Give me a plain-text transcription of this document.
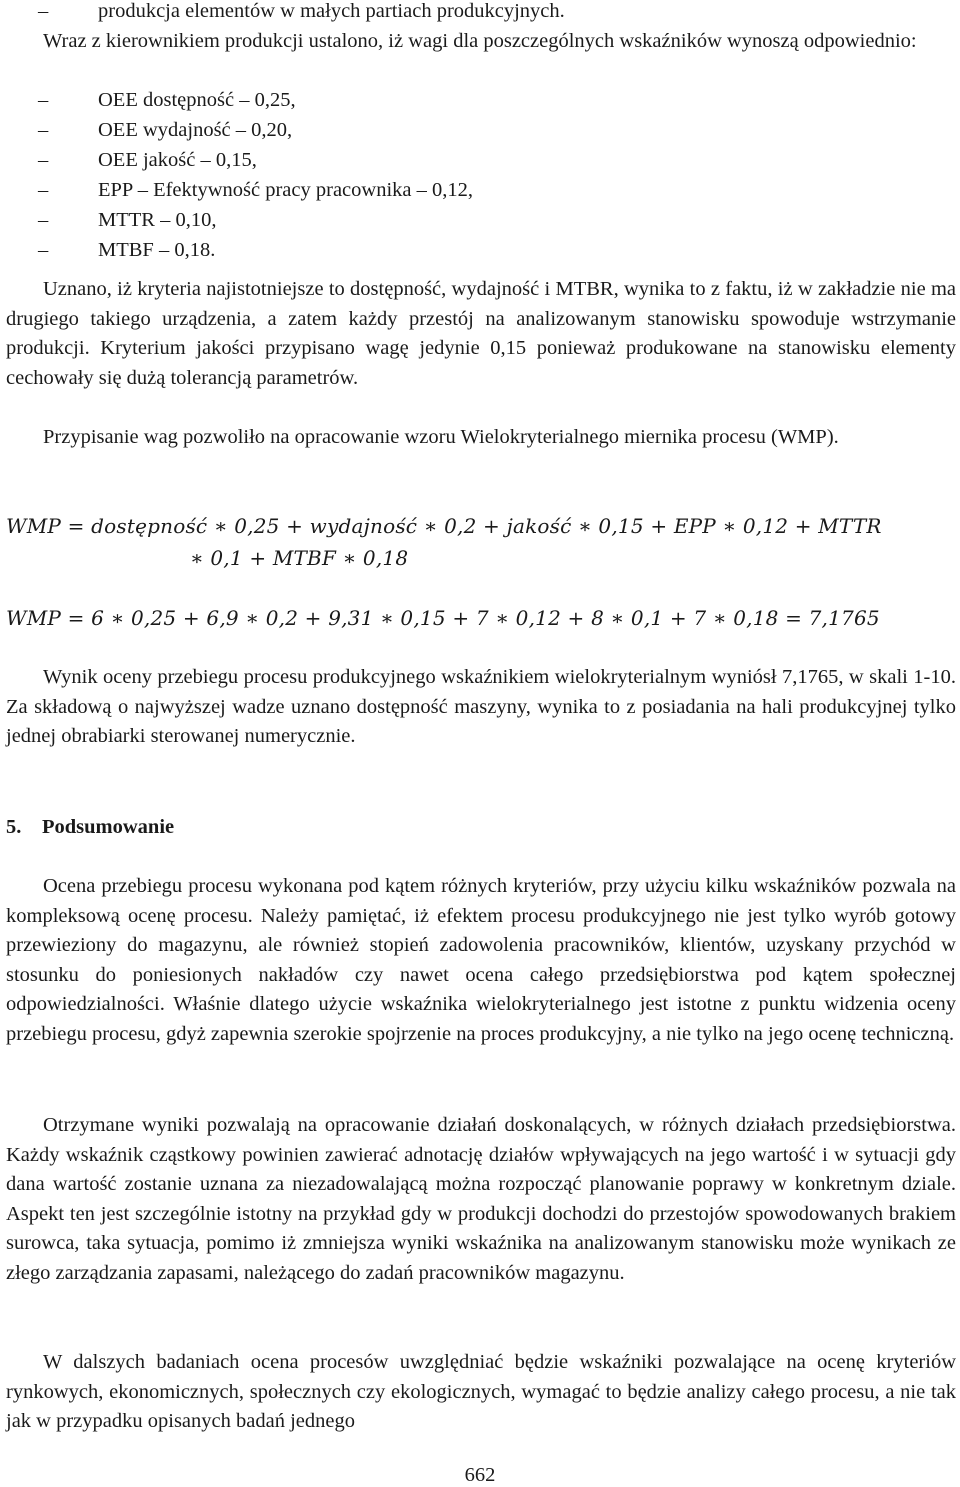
– produkcja elementów w małych partiach produkcyjnych.

Wraz z kierownikiem produkcji ustalono, iż wagi dla poszczególnych wskaźników wynoszą odpowiednio:

– OEE dostępność – 0,25,

– OEE wydajność – 0,20,

– OEE jakość – 0,15,

– EPP – Efektywność pracy pracownika – 0,12,

– MTTR – 0,10,

– MTBF – 0,18.

Uznano, iż kryteria najistotniejsze to dostępność, wydajność i MTBR, wynika to z faktu, iż w zakładzie nie ma drugiego takiego urządzenia, a zatem każdy przestój na analizowanym stanowisku spowoduje wstrzymanie produkcji. Kryterium jakości przypisano wagę jedynie 0,15 ponieważ produkowane na stanowisku elementy cechowały się dużą tolerancją parametrów.

Przypisanie wag pozwoliło na opracowanie wzoru Wielokryterialnego miernika procesu (WMP).

WMP = dostępność ∗ 0,25 + wydajność ∗ 0,2 + jakość ∗ 0,15 + EPP ∗ 0,12 + MTTR
∗ 0,1 + MTBF ∗ 0,18
WMP = 6 ∗ 0,25 + 6,9 ∗ 0,2 + 9,31 ∗ 0,15 + 7 ∗ 0,12 + 8 ∗ 0,1 + 7 ∗ 0,18 = 7,1765

Wynik oceny przebiegu procesu produkcyjnego wskaźnikiem wielokryterialnym wyniósł 7,1765, w skali 1-10. Za składową o najwyższej wadze uznano dostępność maszyny, wynika to z posiadania na hali produkcyjnej tylko jednej obrabiarki sterowanej numerycznie.

5. Podsumowanie

Ocena przebiegu procesu wykonana pod kątem różnych kryteriów, przy użyciu kilku wskaźników pozwala na kompleksową ocenę procesu. Należy pamiętać, iż efektem procesu produkcyjnego nie jest tylko wyrób gotowy przewieziony do magazynu, ale również stopień zadowolenia pracowników, klientów, uzyskany przychód w stosunku do poniesionych nakładów czy nawet ocena całego przedsiębiorstwa pod kątem społecznej odpowiedzialności. Właśnie dlatego użycie wskaźnika wielokryterialnego jest istotne z punktu widzenia oceny przebiegu procesu, gdyż zapewnia szerokie spojrzenie na proces produkcyjny, a nie tylko na jego ocenę techniczną.

Otrzymane wyniki pozwalają na opracowanie działań doskonalących, w różnych działach przedsiębiorstwa. Każdy wskaźnik cząstkowy powinien zawierać adnotację działów wpływających na jego wartość i w sytuacji gdy dana wartość zostanie uznana za niezadowalającą można rozpocząć planowanie poprawy w konkretnym dziale. Aspekt ten jest szczególnie istotny na przykład gdy w produkcji dochodzi do przestojów spowodowanych brakiem surowca, taka sytuacja, pomimo iż zmniejsza wyniki wskaźnika na analizowanym stanowisku może wynikach ze złego zarządzania zapasami, należącego do zadań pracowników magazynu.

W dalszych badaniach ocena procesów uwzględniać będzie wskaźniki pozwalające na ocenę kryteriów rynkowych, ekonomicznych, społecznych czy ekologicznych, wymagać to będzie analizy całego procesu, a nie tak jak w przypadku opisanych badań jednego

662
